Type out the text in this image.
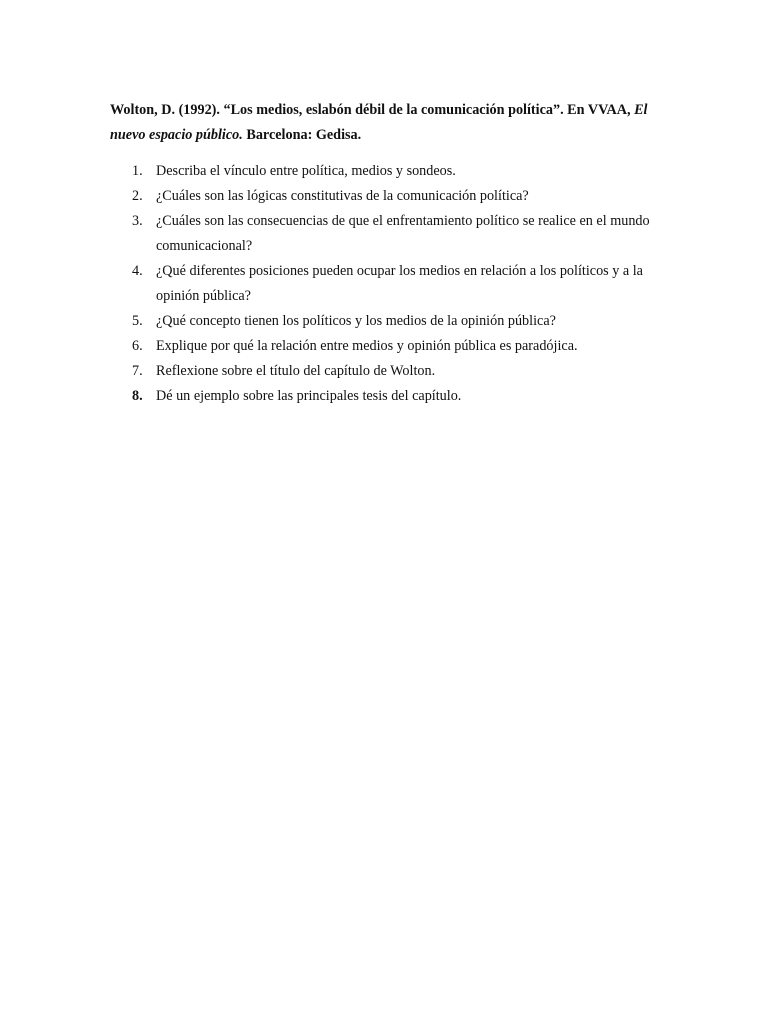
Wolton, D. (1992). “Los medios, eslabón débil de la comunicación política”. En VVAA, El nuevo espacio público. Barcelona: Gedisa.

1. Describa el vínculo entre política, medios y sondeos.
2. ¿Cuáles son las lógicas constitutivas de la comunicación política?
3. ¿Cuáles son las consecuencias de que el enfrentamiento político se realice en el mundo comunicacional?
4. ¿Qué diferentes posiciones pueden ocupar los medios en relación a los políticos y a la opinión pública?
5. ¿Qué concepto tienen los políticos y los medios de la opinión pública?
6. Explique por qué la relación entre medios y opinión pública es paradójica.
7. Reflexione sobre el título del capítulo de Wolton.
8. Dé un ejemplo sobre las principales tesis del capítulo.
